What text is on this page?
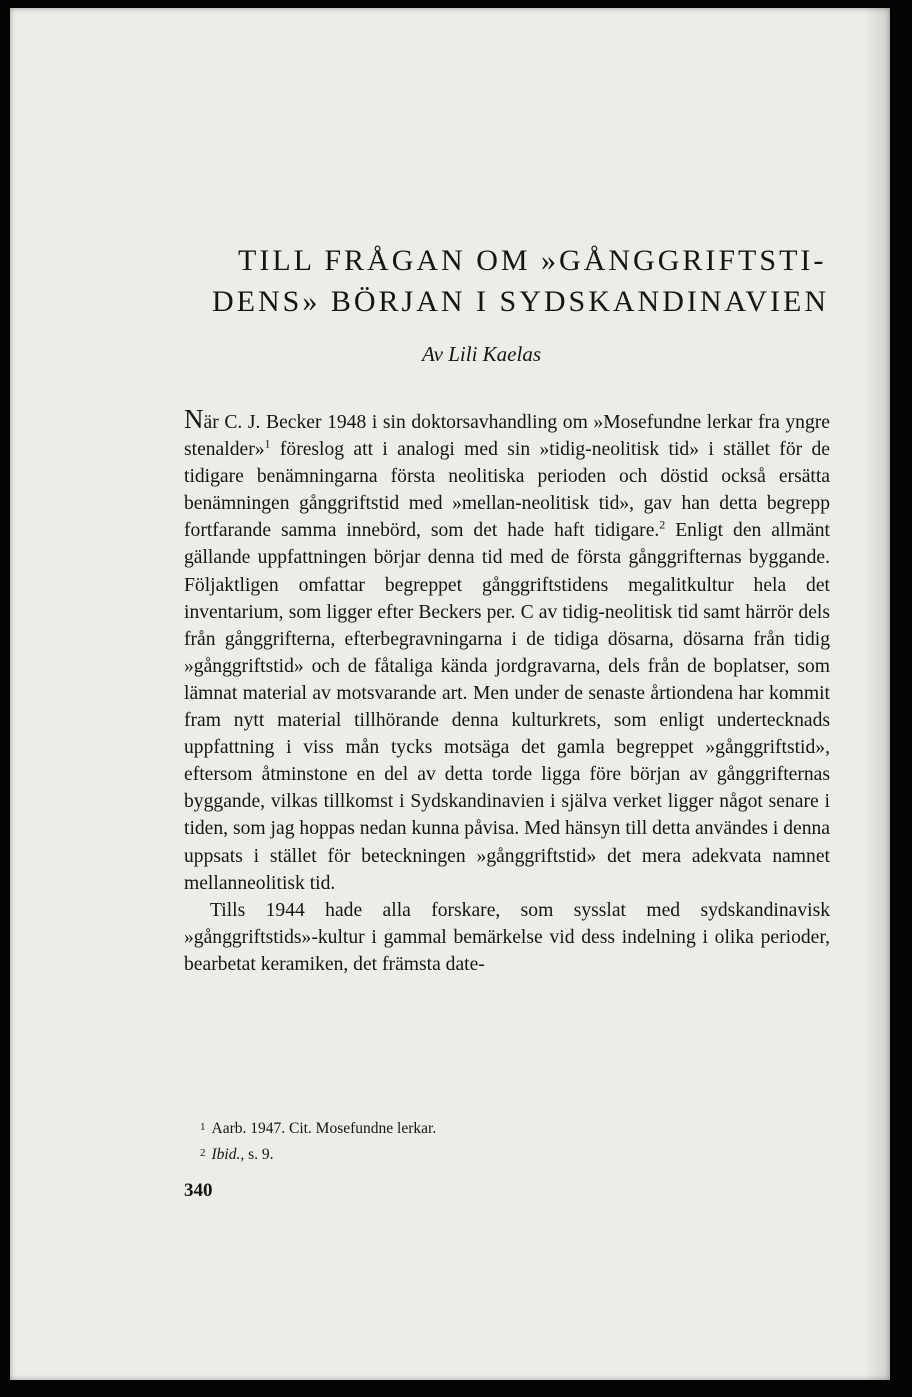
TILL FRÅGAN OM »GÅNGGRIFTSTI-
DENS» BÖRJAN I SYDSKANDINAVIEN
Av Lili Kaelas

När C. J. Becker 1948 i sin doktorsavhandling om »Mosefundne lerkar fra yngre stenalder»$^1$ föreslog att i analogi med sin »tidig-neolitisk tid» i stället för de tidigare benämningarna första neolitiska perioden och döstid också ersätta benämningen gånggriftstid med »mellan-neolitisk tid», gav han detta begrepp fortfarande samma innebörd, som det hade haft tidigare.$^2$ Enligt den allmänt gällande uppfattningen börjar denna tid med de första gånggrifternas byggande. Följaktligen omfattar begreppet gånggriftstidens megalitkultur hela det inventarium, som ligger efter Beckers per. C av tidig-neolitisk tid samt härrör dels från gånggrifterna, efterbegravningarna i de tidiga dösarna, dösarna från tidig »gånggriftstid» och de fåtaliga kända jordgravarna, dels från de boplatser, som lämnat material av motsvarande art. Men under de senaste årtiondena har kommit fram nytt material tillhörande denna kulturkrets, som enligt undertecknads uppfattning i viss mån tycks motsäga det gamla begreppet »gånggriftstid», eftersom åtminstone en del av detta torde ligga före början av gånggrifternas byggande, vilkas tillkomst i Sydskandinavien i själva verket ligger något senare i tiden, som jag hoppas nedan kunna påvisa. Med hänsyn till detta användes i denna uppsats i stället för beteckningen »gånggriftstid» det mera adekvata namnet mellanneolitisk tid.

Tills 1944 hade alla forskare, som sysslat med sydskandinavisk »gånggriftstids»-kultur i gammal bemärkelse vid dess indelning i olika perioder, bearbetat keramiken, det främsta date-

1 Aarb. 1947. Cit. Mosefundne lerkar.

2 Ibid., s. 9.

340
